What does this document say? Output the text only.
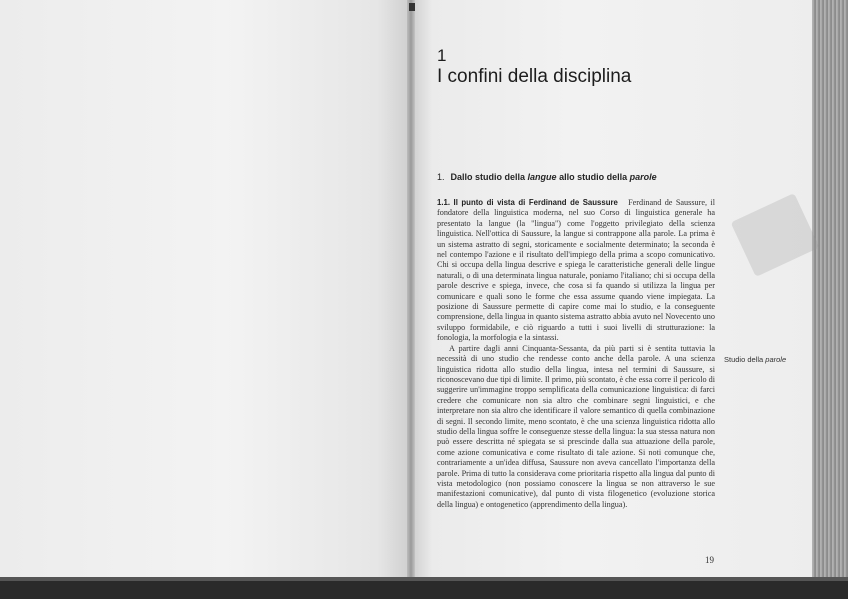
1
I confini della disciplina
1. Dallo studio della langue allo studio della parole

1.1. Il punto di vista di Ferdinand de Saussure Ferdinand de Saussure, il fondatore della linguistica moderna, nel suo Corso di linguistica generale ha presentato la langue (la "lingua") come l'oggetto privilegiato della scienza linguistica. Nell'ottica di Saussure, la langue si contrappone alla parole. La prima è un sistema astratto di segni, storicamente e socialmente determinato; la seconda è nel contempo l'azione e il risultato dell'impiego della prima a scopo comunicativo. Chi si occupa della lingua descrive e spiega le caratteristiche generali delle lingue naturali, o di una determinata lingua naturale, poniamo l'italiano; chi si occupa della parole descrive e spiega, invece, che cosa si fa quando si utilizza la lingua per comunicare e quali sono le forme che essa assume quando viene impiegata. La posizione di Saussure permette di capire come mai lo studio, e la conseguente comprensione, della lingua in quanto sistema astratto abbia avuto nel Novecento uno sviluppo formidabile, e ciò riguardo a tutti i suoi livelli di strutturazione: la fonologia, la morfologia e la sintassi.

A partire dagli anni Cinquanta-Sessanta, da più parti si è sentita tuttavia la necessità di uno studio che rendesse conto anche della parole. A una scienza linguistica ridotta allo studio della lingua, intesa nel termini di Saussure, si riconoscevano due tipi di limite. Il primo, più scontato, è che essa corre il pericolo di suggerire un'immagine troppo semplificata della comunicazione linguistica: di farci credere che comunicare non sia altro che combinare segni linguistici, e che interpretare non sia altro che identificare il valore semantico di quella combinazione di segni. Il secondo limite, meno scontato, è che una scienza linguistica ridotta allo studio della lingua soffre le conseguenze stesse della lingua: la sua stessa natura non può essere descritta né spiegata se si prescinde dalla sua attuazione della parole, come azione comunicativa e come risultato di tale azione. Si noti comunque che, contrariamente a un'idea diffusa, Saussure non aveva cancellato l'importanza della parole. Prima di tutto la considerava come prioritaria rispetto alla lingua dal punto di vista metodologico (non possiamo conoscere la lingua se non attraverso le sue manifestazioni comunicative), dal punto di vista filogenetico (evoluzione storica della lingua) e ontogenetico (apprendimento della lingua).

Studio della parole
19
